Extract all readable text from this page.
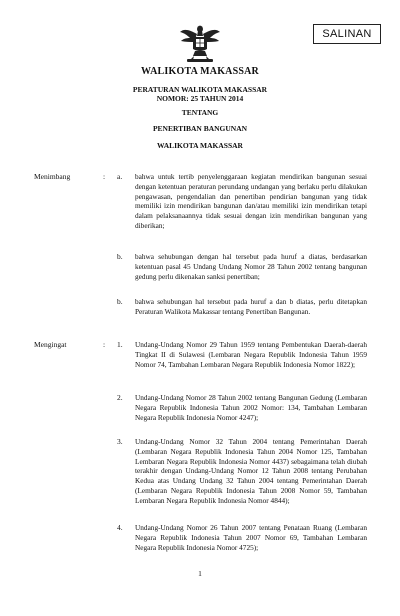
SALINAN
WALIKOTA MAKASSAR
PERATURAN WALIKOTA MAKASSAR
NOMOR: 25 TAHUN 2014
TENTANG
PENERTIBAN BANGUNAN
WALIKOTA MAKASSAR
Menimbang	: a. bahwa untuk tertib penyelenggaraan kegiatan mendirikan bangunan sesuai dengan ketentuan peraturan perundang undangan yang berlaku perlu dilakukan pengawasan, pengendalian dan penertiban pendirian bangunan yang tidak memiliki izin mendirikan bangunan dan/atau memiliki izin mendirikan tetapi dalam pelaksanaannya tidak sesuai dengan izin mendirikan bangunan yang diberikan;
b. bahwa sehubungan dengan hal tersebut pada huruf a diatas, berdasarkan ketentuan pasal 45 Undang Undang Nomor 28 Tahun 2002 tentang bangunan gedung perlu dikenakan sanksi penertiban;
b. bahwa sehubungan hal tersebut pada huruf a dan b diatas, perlu ditetapkan Peraturan Walikota Makassar tentang Penertiban Bangunan.
Mengingat	: 1. Undang-Undang Nomor 29 Tahun 1959 tentang Pembentukan Daerah-daerah Tingkat II di Sulawesi (Lembaran Negara Republik Indonesia Tahun 1959 Nomor 74, Tambahan Lembaran Negara Republik Indonesia Nomor 1822);
2. Undang-Undang Nomor 28 Tahun 2002 tentang Bangunan Gedung (Lembaran Negara Republik Indonesia Tahun 2002 Nomor: 134, Tambahan Lembaran Negara Republik Indonesia Nomor 4247);
3. Undang-Undang Nomor 32 Tahun 2004 tentang Pemerintahan Daerah (Lembaran Negara Republik Indonesia Tahun 2004 Nomor 125, Tambahan Lembaran Negara Republik Indonesia Nomor 4437) sebagaimana telah diubah terakhir dengan Undang-Undang Nomor 12 Tahun 2008 tentang Perubahan Kedua atas Undang Undang 32 Tahun 2004 tentang Pemerintahan Daerah (Lembaran Negara Republik Indonesia Tahun 2008 Nomor 59, Tambahan Lembaran Negara Republik Indonesia Nomor 4844);
4. Undang-Undang Nomor 26 Tahun 2007 tentang Penataan Ruang (Lembaran Negara Republik Indonesia Tahun 2007 Nomor 69, Tambahan Lembaran Negara Republik Indonesia Nomor 4725);
1
